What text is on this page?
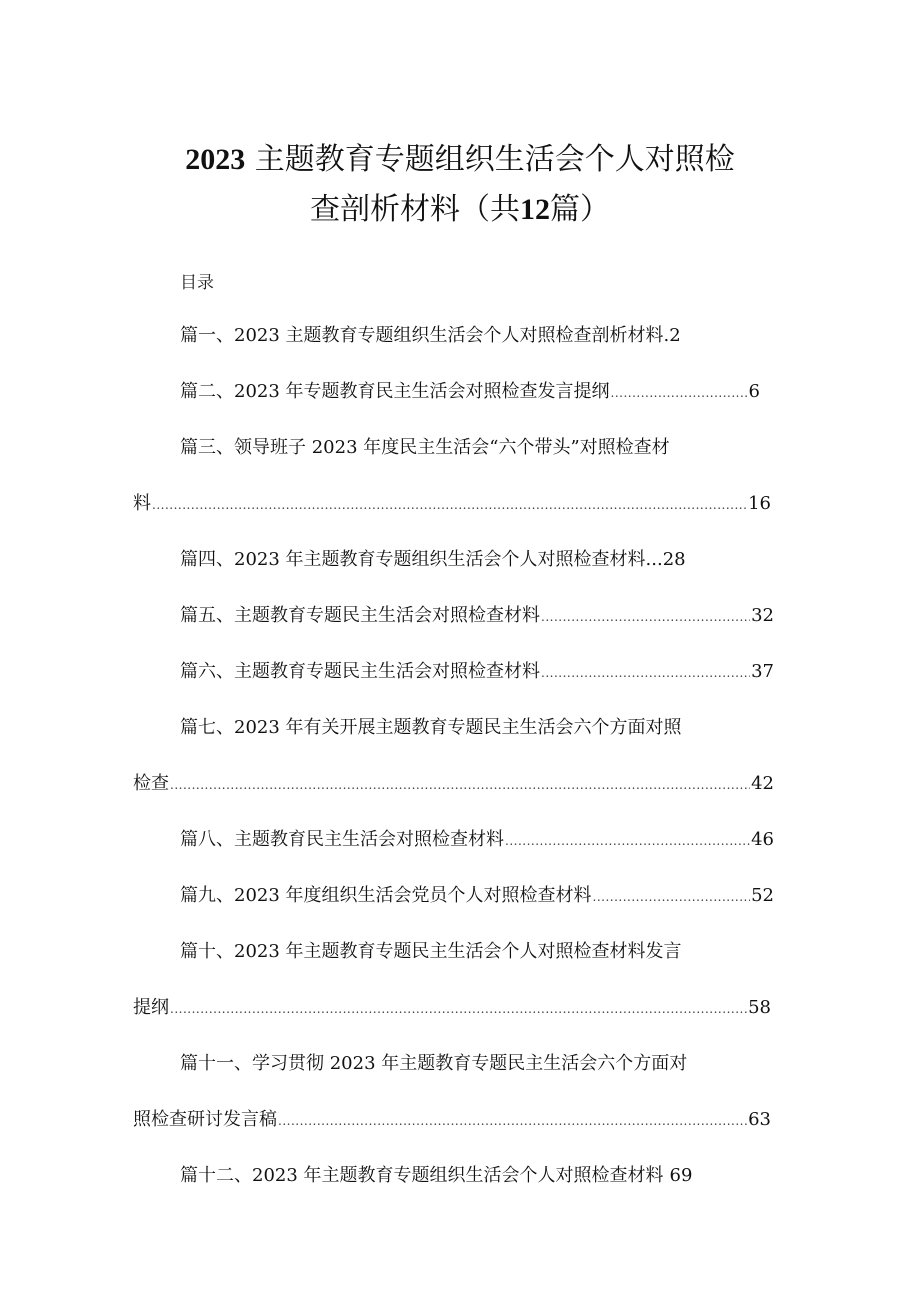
2023 主题教育专题组织生活会个人对照检
查剖析材料（共12篇）
目录
篇一、2023 主题教育专题组织生活会个人对照检查剖析材料. 2
篇二、2023 年专题教育民主生活会对照检查发言提纲 .....	6
篇三、领导班子 2023 年度民主生活会“六个带头”对照检查材
料 .....	16
篇四、2023 年主题教育专题组织生活会个人对照检查材料... 28
篇五、主题教育专题民主生活会对照检查材料 .....	32
篇六、主题教育专题民主生活会对照检查材料 .....	37
篇七、2023 年有关开展主题教育专题民主生活会六个方面对照
检查 .....	42
篇八、主题教育民主生活会对照检查材料 .....	46
篇九、2023 年度组织生活会党员个人对照检查材料 .....	52
篇十、2023 年主题教育专题民主生活会个人对照检查材料发言
提纲 .....	58
篇十一、学习贯彻 2023 年主题教育专题民主生活会六个方面对
照检查研讨发言稿 .....	63
篇十二、2023 年主题教育专题组织生活会个人对照检查材料 69
